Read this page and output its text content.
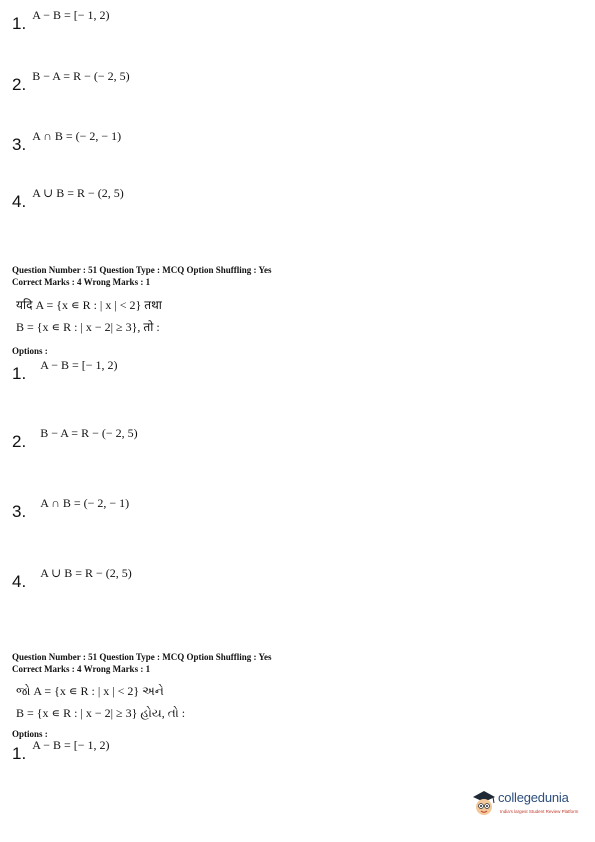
1. A − B = [− 1, 2)
2. B − A = R − (− 2, 5)
3. A ∩ B = (− 2, − 1)
4. A ∪ B = R − (2, 5)
Question Number : 51 Question Type : MCQ Option Shuffling : Yes
Correct Marks : 4 Wrong Marks : 1
यदि A = {x ∊ R : | x | < 2} तथा
B = {x ∊ R : | x − 2| ≥ 3}, तो :
Options :
1. A − B = [− 1, 2)
2. B − A = R − (− 2, 5)
3. A ∩ B = (− 2, − 1)
4. A ∪ B = R − (2, 5)
Question Number : 51 Question Type : MCQ Option Shuffling : Yes
Correct Marks : 4 Wrong Marks : 1
જો A = {x ∊ R : | x | < 2} અને
B = {x ∊ R : | x − 2| ≥ 3} હોય, તો :
Options :
1. A − B = [− 1, 2)
collegedunia
India's largest Student Review Platform
